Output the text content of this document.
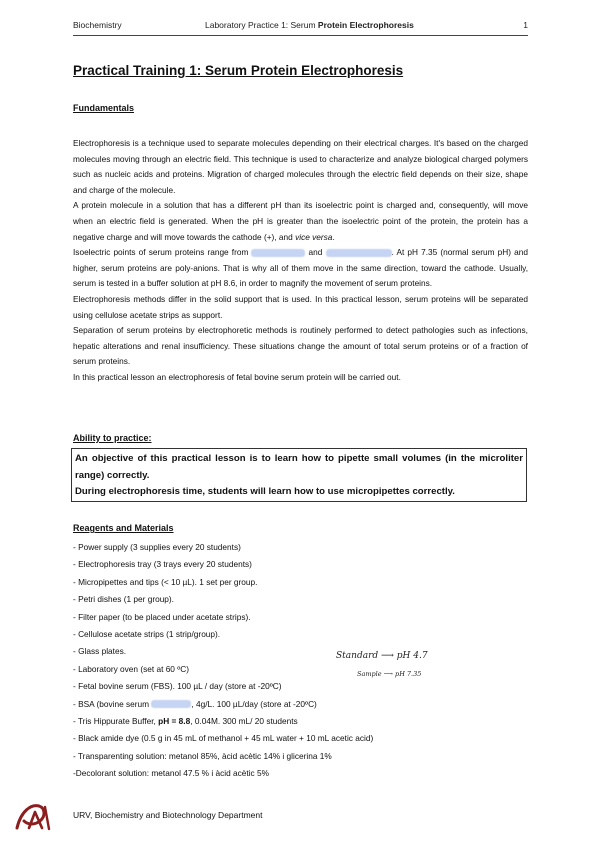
Biochemistry	Laboratory Practice 1: Serum Protein Electrophoresis	1
Practical Training 1: Serum Protein Electrophoresis
Fundamentals

Electrophoresis is a technique used to separate molecules depending on their electrical charges. It's based on the charged molecules moving through an electric field. This technique is used to characterize and analyze biological charged polymers such as nucleic acids and proteins. Migration of charged molecules through the electric field depends on their size, shape and charge of the molecule.

A protein molecule in a solution that has a different pH than its isoelectric point is charged and, consequently, will move when an electric field is generated. When the pH is greater than the isoelectric point of the protein, the protein has a negative charge and will move towards the cathode (+), and vice versa.

Isoelectric points of serum proteins range from	and	. At pH 7.35 (normal serum pH) and higher, serum proteins are poly-anions. That is why all of them move in the same direction, toward the cathode. Usually, serum is tested in a buffer solution at pH 8.6, in order to magnify the movement of serum proteins.

Electrophoresis methods differ in the solid support that is used. In this practical lesson, serum proteins will be separated using cellulose acetate strips as support.

Separation of serum proteins by electrophoretic methods is routinely performed to detect pathologies such as infections, hepatic alterations and renal insufficiency. These situations change the amount of total serum proteins or of a fraction of serum proteins.

In this practical lesson an electrophoresis of fetal bovine serum protein will be carried out.

Ability to practice:

An objective of this practical lesson is to learn how to pipette small volumes (in the microliter range) correctly.

During electrophoresis time, students will learn how to use micropipettes correctly.

Reagents and Materials
- Power supply (3 supplies every 20 students)
- Electrophoresis tray (3 trays every 20 students)
- Micropipettes and tips (< 10 µL). 1 set per group.
- Petri dishes (1 per group).
- Filter paper (to be placed under acetate strips).
- Cellulose acetate strips (1 strip/group).
- Glass plates.
- Laboratory oven (set at 60 ºC)
- Fetal bovine serum (FBS). 100 µL / day (store at -20ºC)
- BSA (bovine serum	, 4g/L. 100 µL/day (store at -20ºC)
- Tris Hippurate Buffer, pH = 8.8, 0.04M. 300 mL/ 20 students
- Black amide dye (0.5 g in 45 mL of methanol + 45 mL water + 10 mL acetic acid)
- Transparenting solution: metanol 85%, àcid acètic 14% i glicerina 1%
-Decolorant solution: metanol 47.5 % i àcid acètic 5%
Standard ⟶ pH 4.7
Sample ⟶ pH 7.35
URV, Biochemistry and Biotechnology Department
